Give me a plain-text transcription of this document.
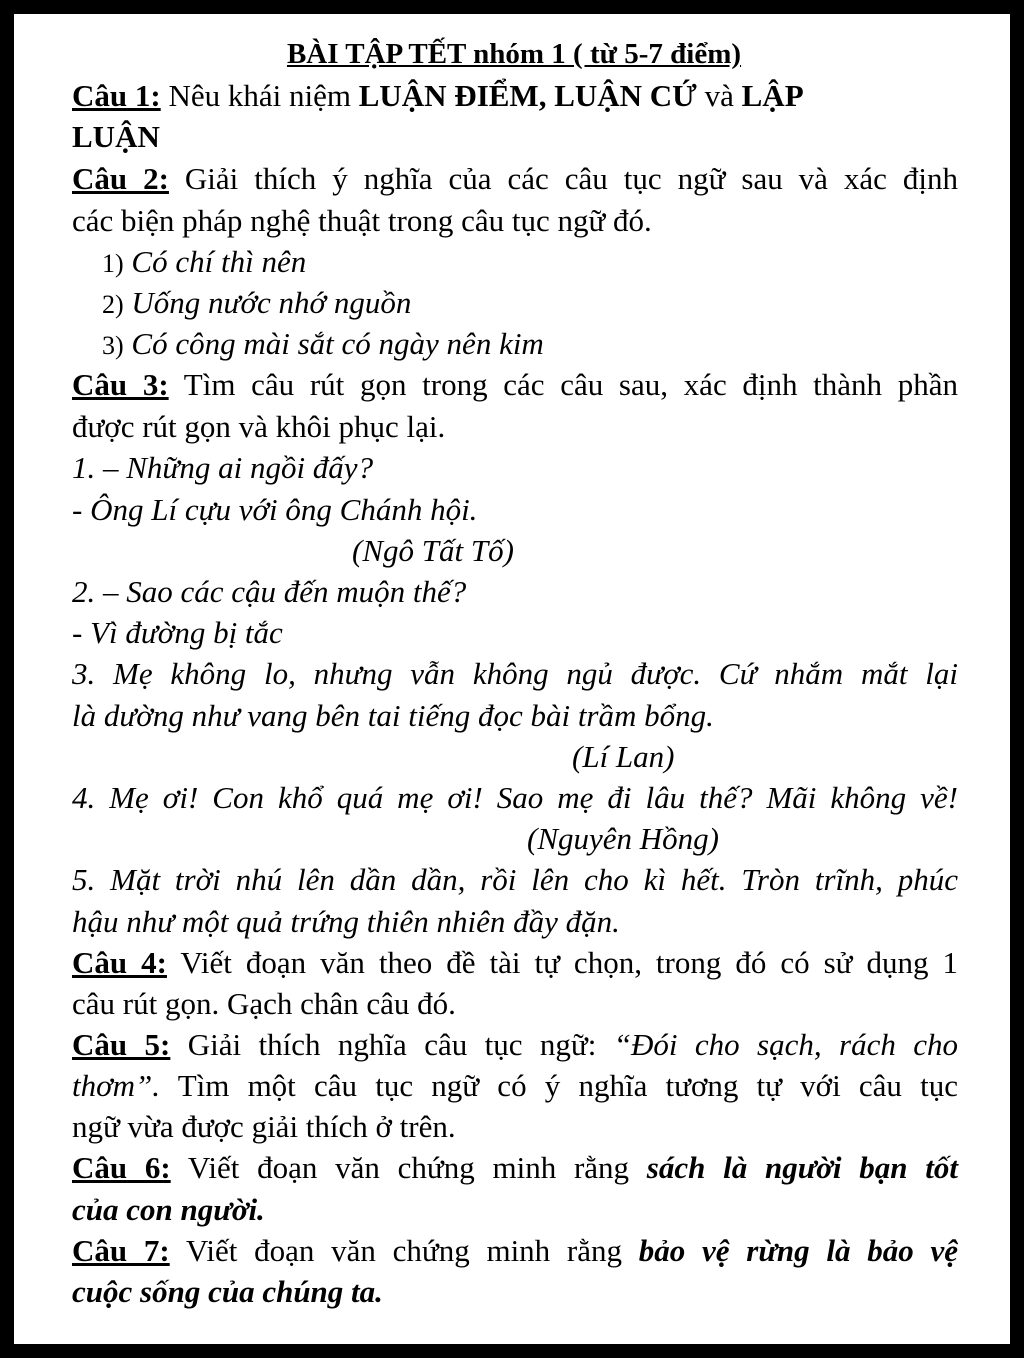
BÀI TẬP TẾT nhóm 1 ( từ 5-7 điểm)
Câu 1: Nêu khái niệm LUẬN ĐIỂM, LUẬN CỨ và LẬP
LUẬN
Câu 2: Giải thích ý nghĩa của các câu tục ngữ sau và xác định
các biện pháp nghệ thuật trong câu tục ngữ đó.
1) Có chí thì nên
2) Uống nước nhớ nguồn
3) Có công mài sắt có ngày nên kim
Câu 3: Tìm câu rút gọn trong các câu sau, xác định thành phần
được rút gọn và khôi phục lại.
1. – Những ai ngồi đấy?
- Ông Lí cựu với ông Chánh hội.
(Ngô Tất Tố)
2. – Sao các cậu đến muộn thế?
- Vì đường bị tắc
3. Mẹ không lo, nhưng vẫn không ngủ được. Cứ nhắm mắt lại
là dường như vang bên tai tiếng đọc bài trầm bổng.
(Lí Lan)
4. Mẹ ơi! Con khổ quá mẹ ơi! Sao mẹ đi lâu thế? Mãi không về!
(Nguyên Hồng)
5. Mặt trời nhú lên dần dần, rồi lên cho kì hết. Tròn trĩnh, phúc
hậu như một quả trứng thiên nhiên đầy đặn.
Câu 4: Viết đoạn văn theo đề tài tự chọn, trong đó có sử dụng 1
câu rút gọn. Gạch chân câu đó.
Câu 5: Giải thích nghĩa câu tục ngữ: “Đói cho sạch, rách cho
thơm”. Tìm một câu tục ngữ có ý nghĩa tương tự với câu tục
ngữ vừa được giải thích ở trên.
Câu 6: Viết đoạn văn chứng minh rằng sách là người bạn tốt
của con người.
Câu 7: Viết đoạn văn chứng minh rằng bảo vệ rừng là bảo vệ
cuộc sống của chúng ta.
